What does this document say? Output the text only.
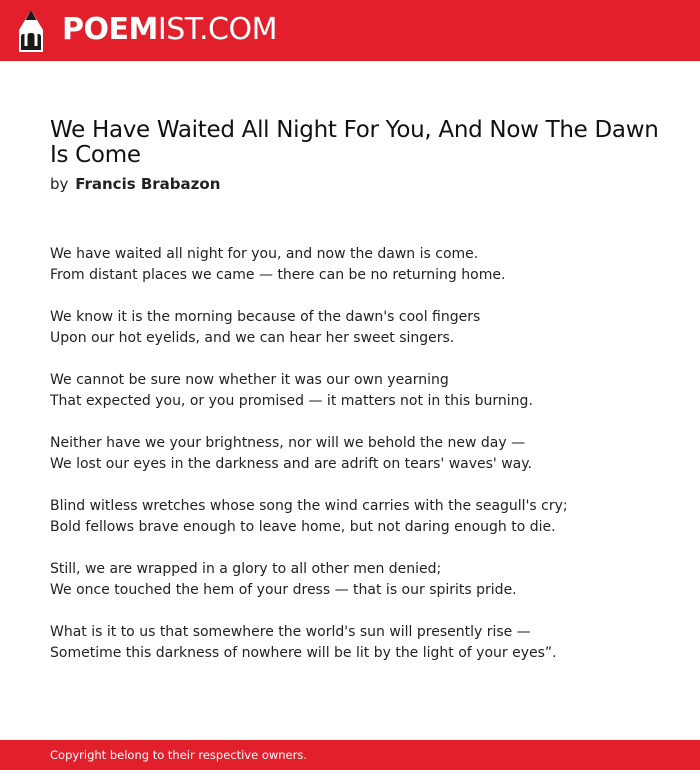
POEMIST.COM
We Have Waited All Night For You, And Now The Dawn Is Come
by Francis Brabazon
We have waited all night for you, and now the dawn is come.
From distant places we came — there can be no returning home.
We know it is the morning because of the dawn's cool fingers
Upon our hot eyelids, and we can hear her sweet singers.
We cannot be sure now whether it was our own yearning
That expected you, or you promised — it matters not in this burning.
Neither have we your brightness, nor will we behold the new day —
We lost our eyes in the darkness and are adrift on tears' waves' way.
Blind witless wretches whose song the wind carries with the seagull's cry;
Bold fellows brave enough to leave home, but not daring enough to die.
Still, we are wrapped in a glory to all other men denied;
We once touched the hem of your dress — that is our spirits pride.
What is it to us that somewhere the world's sun will presently rise —
Sometime this darkness of nowhere will be lit by the light of your eyes”.
Copyright belong to their respective owners.
